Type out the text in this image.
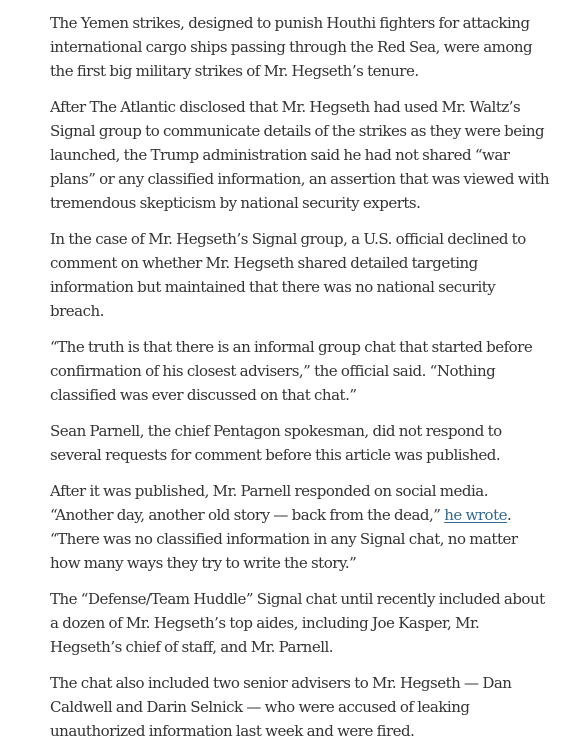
The Yemen strikes, designed to punish Houthi fighters for attacking international cargo ships passing through the Red Sea, were among the first big military strikes of Mr. Hegseth’s tenure.

After The Atlantic disclosed that Mr. Hegseth had used Mr. Waltz’s Signal group to communicate details of the strikes as they were being launched, the Trump administration said he had not shared “war plans” or any classified information, an assertion that was viewed with tremendous skepticism by national security experts.

In the case of Mr. Hegseth’s Signal group, a U.S. official declined to comment on whether Mr. Hegseth shared detailed targeting information but maintained that there was no national security breach.

“The truth is that there is an informal group chat that started before confirmation of his closest advisers,” the official said. “Nothing classified was ever discussed on that chat.”

Sean Parnell, the chief Pentagon spokesman, did not respond to several requests for comment before this article was published.

After it was published, Mr. Parnell responded on social media. “Another day, another old story — back from the dead,” he wrote. “There was no classified information in any Signal chat, no matter how many ways they try to write the story.”

The “Defense/Team Huddle” Signal chat until recently included about a dozen of Mr. Hegseth’s top aides, including Joe Kasper, Mr. Hegseth’s chief of staff, and Mr. Parnell.

The chat also included two senior advisers to Mr. Hegseth — Dan Caldwell and Darin Selnick — who were accused of leaking unauthorized information last week and were fired.
